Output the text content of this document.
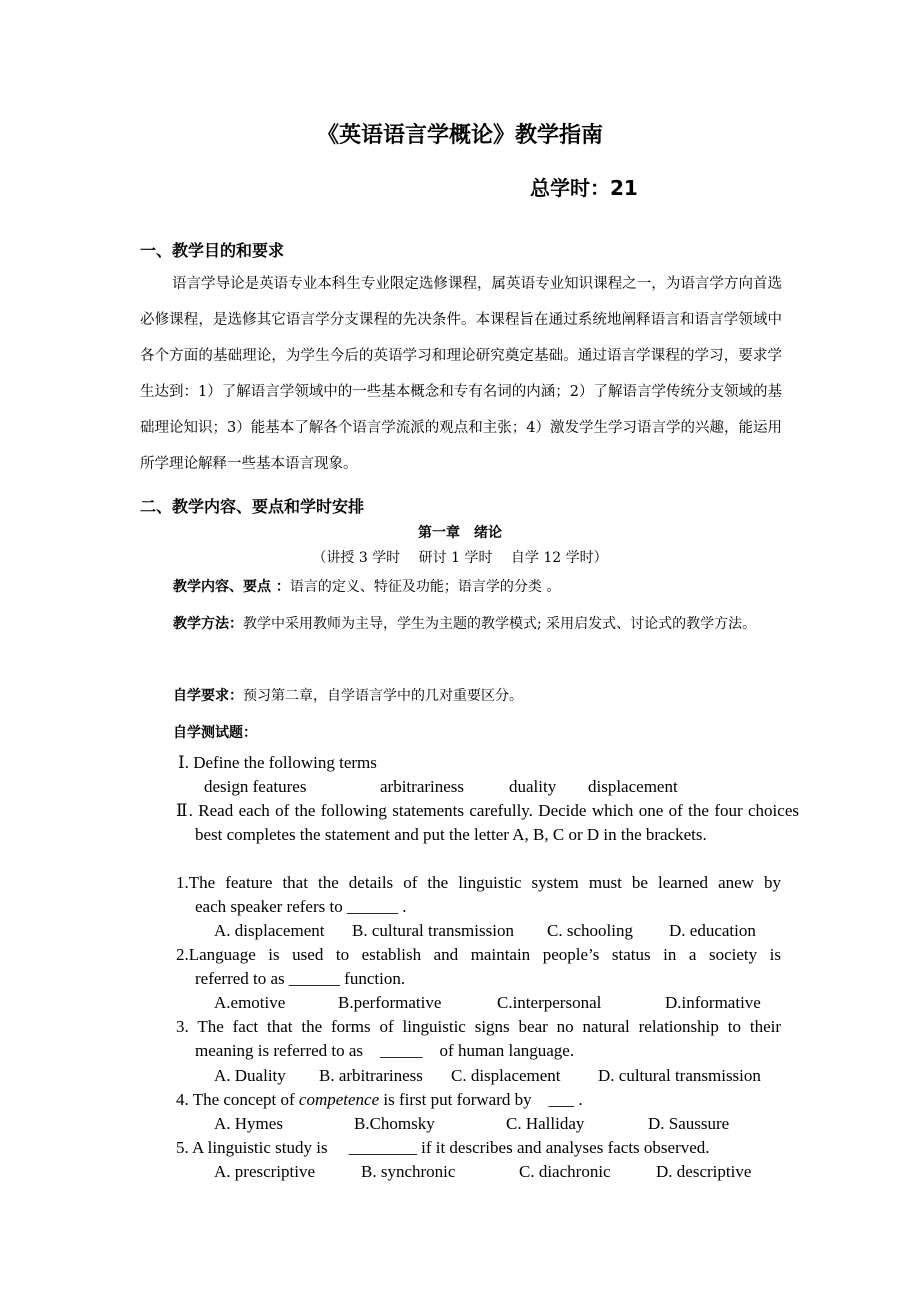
《英语语言学概论》教学指南
总学时：21
一、教学目的和要求

语言学导论是英语专业本科生专业限定选修课程，属英语专业知识课程之一，为语言学方向首选必修课程，是选修其它语言学分支课程的先决条件。本课程旨在通过系统地阐释语言和语言学领域中各个方面的基础理论，为学生今后的英语学习和理论研究奠定基础。通过语言学课程的学习，要求学生达到：1）了解语言学领域中的一些基本概念和专有名词的内涵；2）了解语言学传统分支领域的基础理论知识；3）能基本了解各个语言学流派的观点和主张；4）激发学生学习语言学的兴趣，能运用所学理论解释一些基本语言现象。

二、教学内容、要点和学时安排
第一章　绪论
（讲授 3 学时　 研讨 1 学时　 自学 12 学时）

教学内容、要点 ：语言的定义、特征及功能；语言学的分类 。

教学方法：教学中采用教师为主导，学生为主题的教学模式; 采用启发式、讨论式的教学方法。

自学要求：预习第二章，自学语言学中的几对重要区分。

自学测试题：

Ⅰ. Define the following terms
design features	arbitrariness	duality displacement
Ⅱ. Read each of the following statements carefully. Decide which one of the four choices best completes the statement and put the letter A, B, C or D in the brackets.
1.The feature that the details of the linguistic system must be learned anew by
each speaker refers to ______ .
A. displacement B. cultural transmission C. schooling D. education
2.Language is used to establish and maintain people’s status in a society is
referred to as ______ function.
A.emotive	B.performative	C.interpersonal	D.informative
3. The fact that the forms of linguistic signs bear no natural relationship to their
meaning is referred to as    _____    of human language.
A. Duality B. arbitrariness C. displacement D. cultural transmission
4. The concept of competence is first put forward by    ___ .
A. Hymes	B.Chomsky	C. Halliday	D. Saussure
5. A linguistic study is     ________ if it describes and analyses facts observed.
A. prescriptive	B. synchronic	C. diachronic	D. descriptive
